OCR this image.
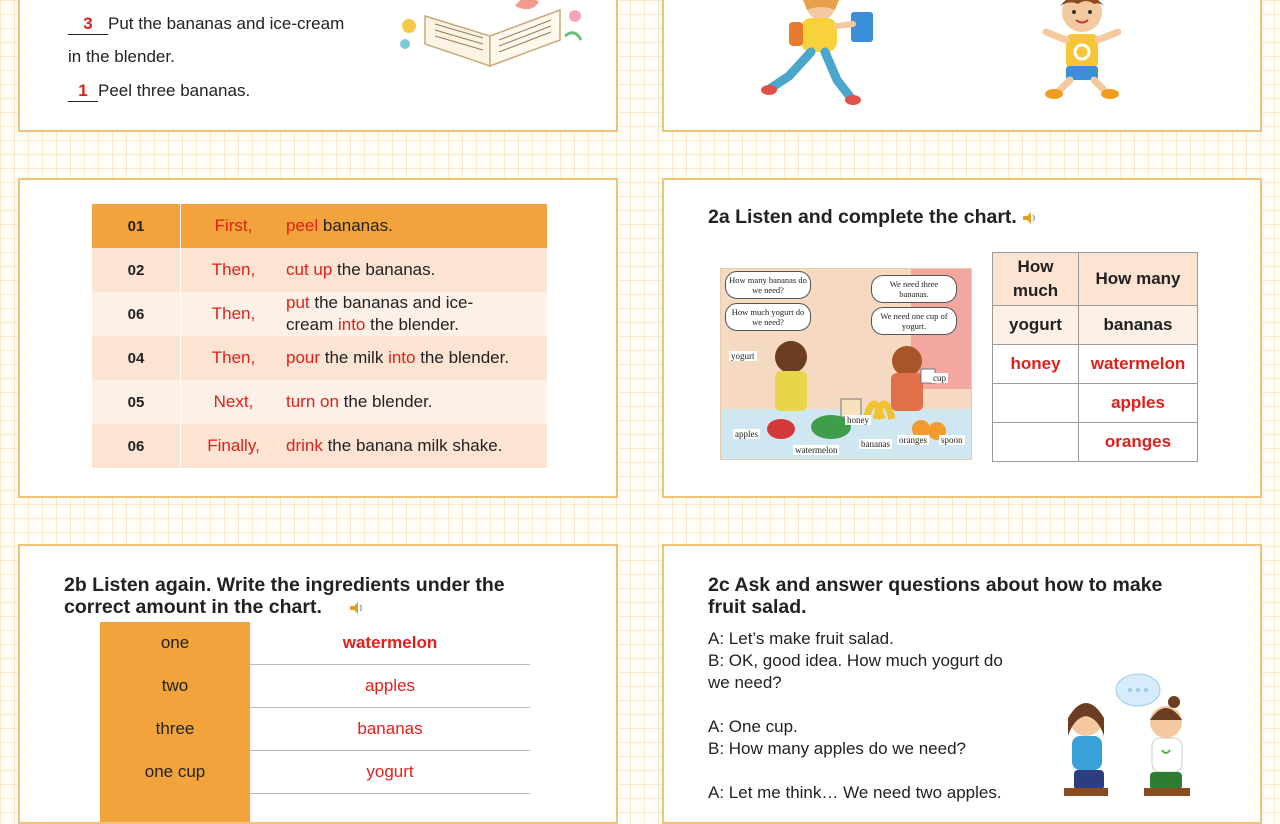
3 Put the bananas and ice-cream
in the blender.
1 Peel three bananas.
01	First,	peel bananas.
02	Then,	cut up the bananas.
06	Then,	put the bananas and ice-
cream into the blender.
04	Then,	pour the milk into the blender.
05	Next,	turn on the blender.
06	Finally,	drink the banana milk shake.
2a Listen and complete the chart.
How many bananas do we need?
How much yogurt do we need?
We need three bananas.
We need one cup of yogurt.
yogurt
cup
honey
apples
watermelon
bananas oranges spoon
How much	How many
yogurt	bananas
honey	watermelon
	apples
	oranges
2b Listen again. Write the ingredients under the
correct amount in the chart.
one	watermelon
two	apples
three	bananas
one cup	yogurt

2c Ask and answer questions about how to make
fruit salad.
A: Let’s make fruit salad.
B: OK, good idea. How much yogurt do
we need?
A: One cup.
B: How many apples do we need?
A: Let me think… We need two apples.
